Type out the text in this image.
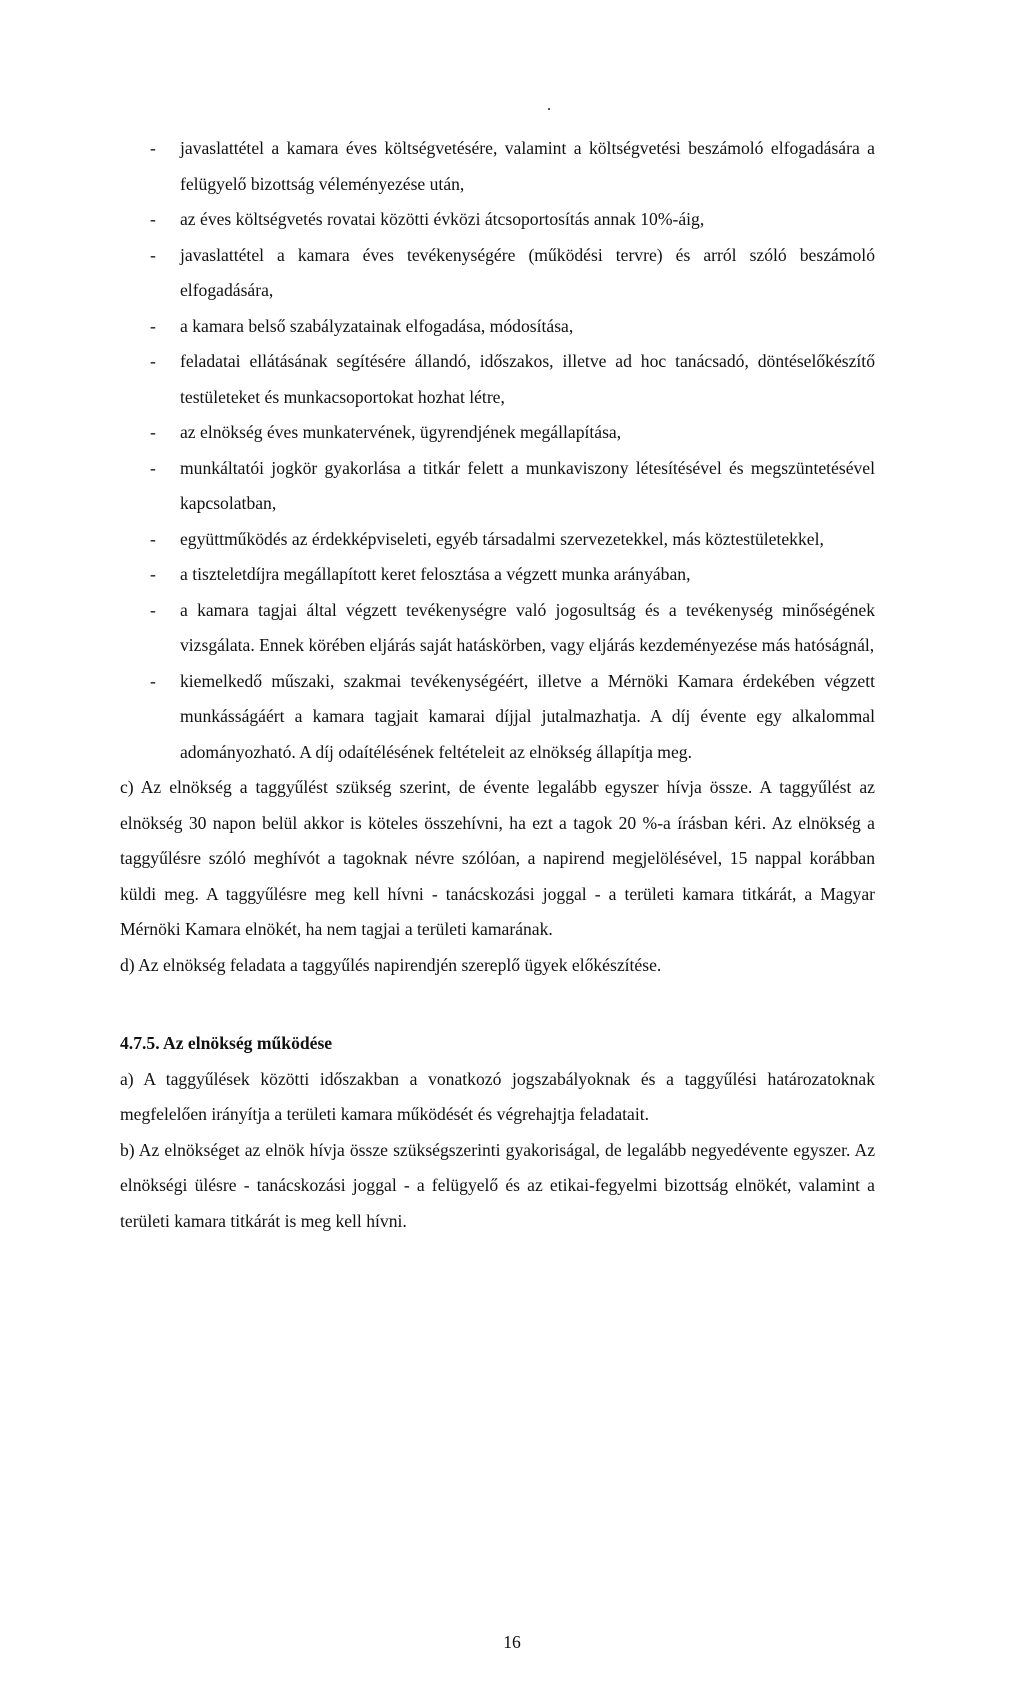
- javaslattétel a kamara éves költségvetésére, valamint a költségvetési beszámoló elfogadására a felügyelő bizottság véleményezése után,
- az éves költségvetés rovatai közötti évközi átcsoportosítás annak 10%-áig,
- javaslattétel a kamara éves tevékenységére (működési tervre) és arról szóló beszámoló elfogadására,
- a kamara belső szabályzatainak elfogadása, módosítása,
- feladatai ellátásának segítésére állandó, időszakos, illetve ad hoc tanácsadó, döntéselőkészítő testületeket és munkacsoportokat hozhat létre,
- az elnökség éves munkatervének, ügyrendjének megállapítása,
- munkáltatói jogkör gyakorlása a titkár felett a munkaviszony létesítésével és megszüntetésével kapcsolatban,
- együttműködés az érdekképviseleti, egyéb társadalmi szervezetekkel, más köztestületekkel,
- a tiszteletdíjra megállapított keret felosztása a végzett munka arányában,
- a kamara tagjai által végzett tevékenységre való jogosultság és a tevékenység minőségének vizsgálata. Ennek körében eljárás saját hatáskörben, vagy eljárás kezdeményezése más hatóságnál,
- kiemelkedő műszaki, szakmai tevékenységéért, illetve a Mérnöki Kamara érdekében végzett munkásságáért a kamara tagjait kamarai díjjal jutalmazhatja. A díj évente egy alkalommal adományozható. A díj odaítélésének feltételeit az elnökség állapítja meg.

c) Az elnökség a taggyűlést szükség szerint, de évente legalább egyszer hívja össze. A taggyűlést az elnökség 30 napon belül akkor is köteles összehívni, ha ezt a tagok 20 %-a írásban kéri. Az elnökség a taggyűlésre szóló meghívót a tagoknak névre szólóan, a napirend megjelölésével, 15 nappal korábban küldi meg. A taggyűlésre meg kell hívni - tanácskozási joggal - a területi kamara titkárát, a Magyar Mérnöki Kamara elnökét, ha nem tagjai a területi kamarának.

d) Az elnökség feladata a taggyűlés napirendjén szereplő ügyek előkészítése.

4.7.5. Az elnökség működése

a) A taggyűlések közötti időszakban a vonatkozó jogszabályoknak és a taggyűlési határozatoknak megfelelően irányítja a területi kamara működését és végrehajtja feladatait.

b) Az elnökséget az elnök hívja össze szükségszerinti gyakoriságal, de legalább negyedévente egyszer. Az elnökségi ülésre - tanácskozási joggal - a felügyelő és az etikai-fegyelmi bizottság elnökét, valamint a területi kamara titkárát is meg kell hívni.

16
